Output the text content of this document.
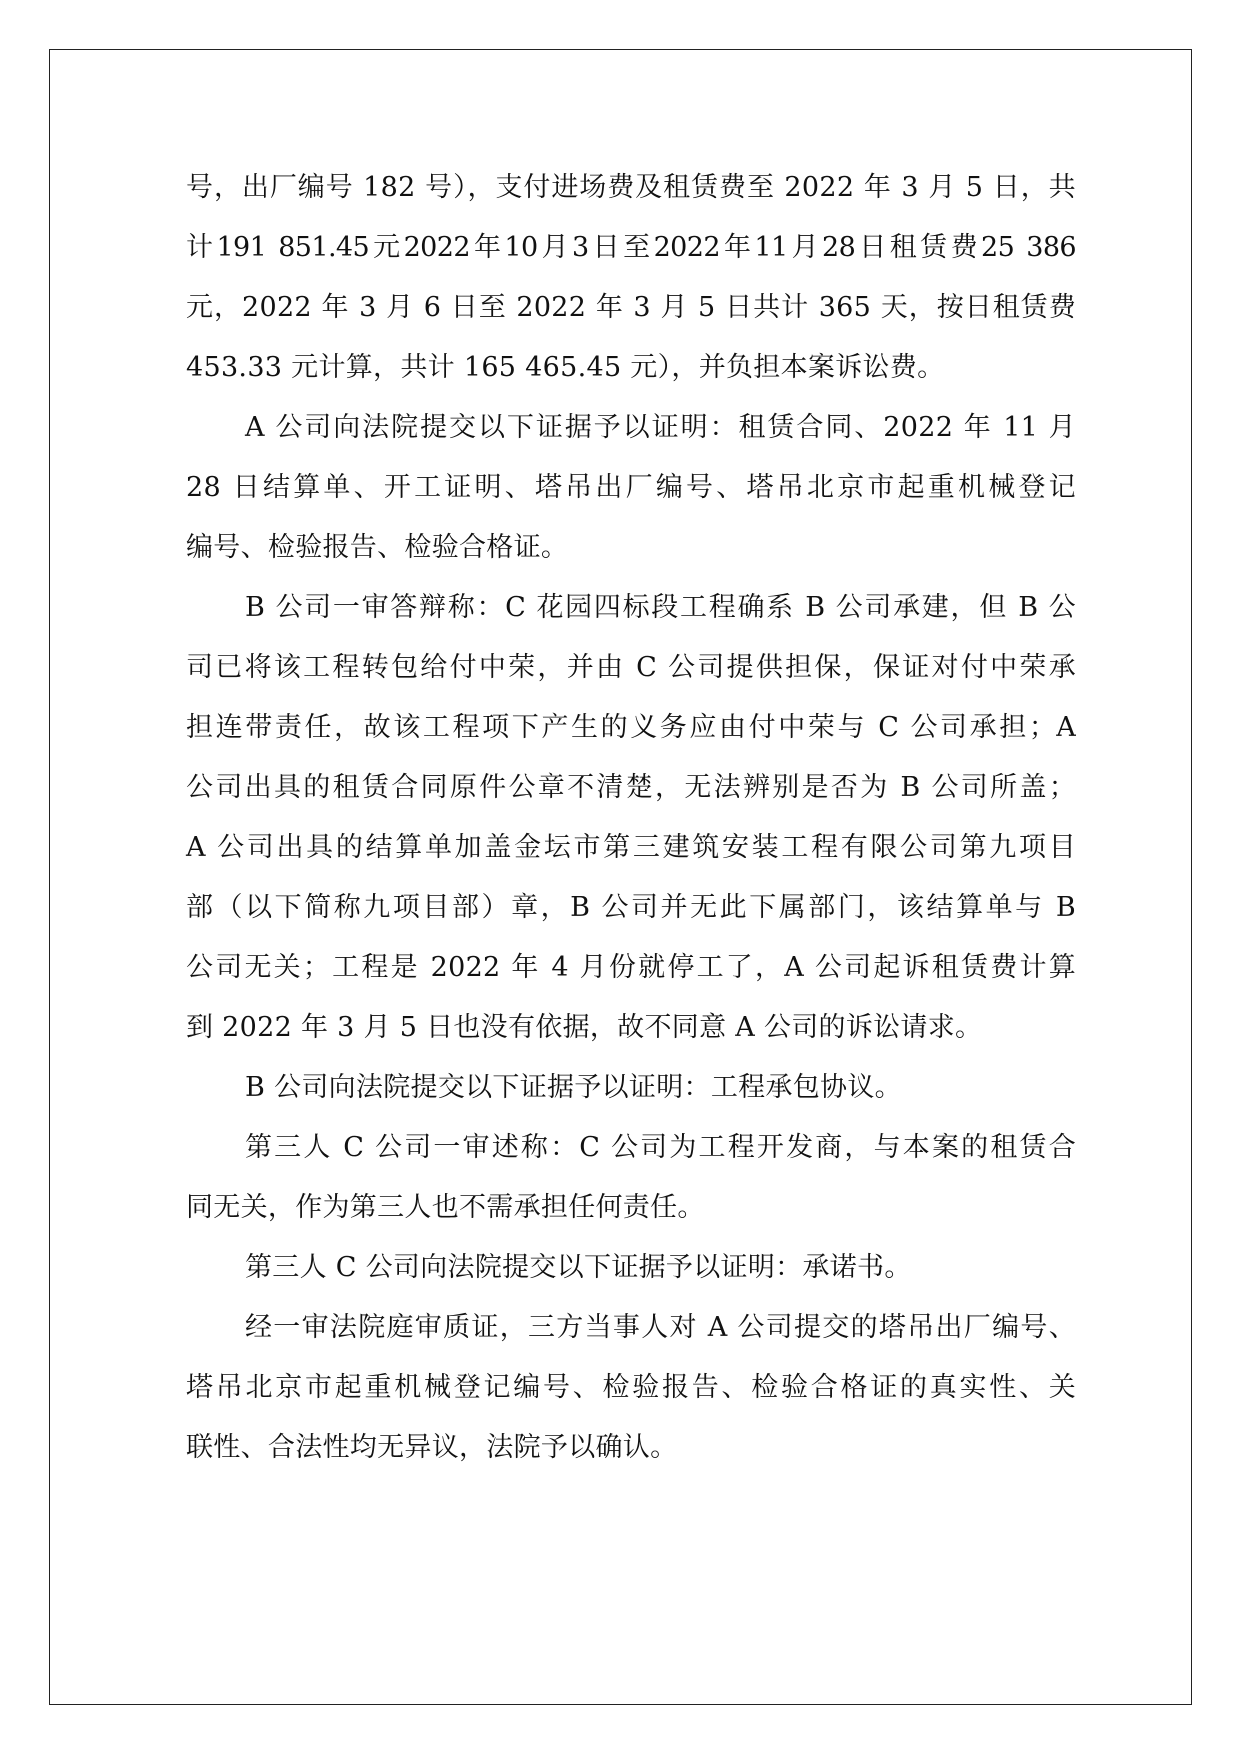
号，出厂编号 182 号），支付进场费及租赁费至 2022 年 3 月 5 日，共
计191 851.45元2022年10月3日至2022年11月28日租赁费25 386
元，2022 年 3 月 6 日至 2022 年 3 月 5 日共计 365 天，按日租赁费
453.33 元计算，共计 165 465.45 元），并负担本案诉讼费。
A 公司向法院提交以下证据予以证明：租赁合同、2022 年 11 月
28 日结算单、开工证明、塔吊出厂编号、塔吊北京市起重机械登记
编号、检验报告、检验合格证。
B 公司一审答辩称：C 花园四标段工程确系 B 公司承建，但 B 公
司已将该工程转包给付中荣，并由 C 公司提供担保，保证对付中荣承
担连带责任，故该工程项下产生的义务应由付中荣与 C 公司承担；A
公司出具的租赁合同原件公章不清楚，无法辨别是否为 B 公司所盖；
A 公司出具的结算单加盖金坛市第三建筑安装工程有限公司第九项目
部（以下简称九项目部）章，B 公司并无此下属部门，该结算单与 B
公司无关；工程是 2022 年 4 月份就停工了，A 公司起诉租赁费计算
到 2022 年 3 月 5 日也没有依据，故不同意 A 公司的诉讼请求。
B 公司向法院提交以下证据予以证明：工程承包协议。
第三人 C 公司一审述称：C 公司为工程开发商，与本案的租赁合
同无关，作为第三人也不需承担任何责任。
第三人 C 公司向法院提交以下证据予以证明：承诺书。
经一审法院庭审质证，三方当事人对 A 公司提交的塔吊出厂编号、
塔吊北京市起重机械登记编号、检验报告、检验合格证的真实性、关
联性、合法性均无异议，法院予以确认。
